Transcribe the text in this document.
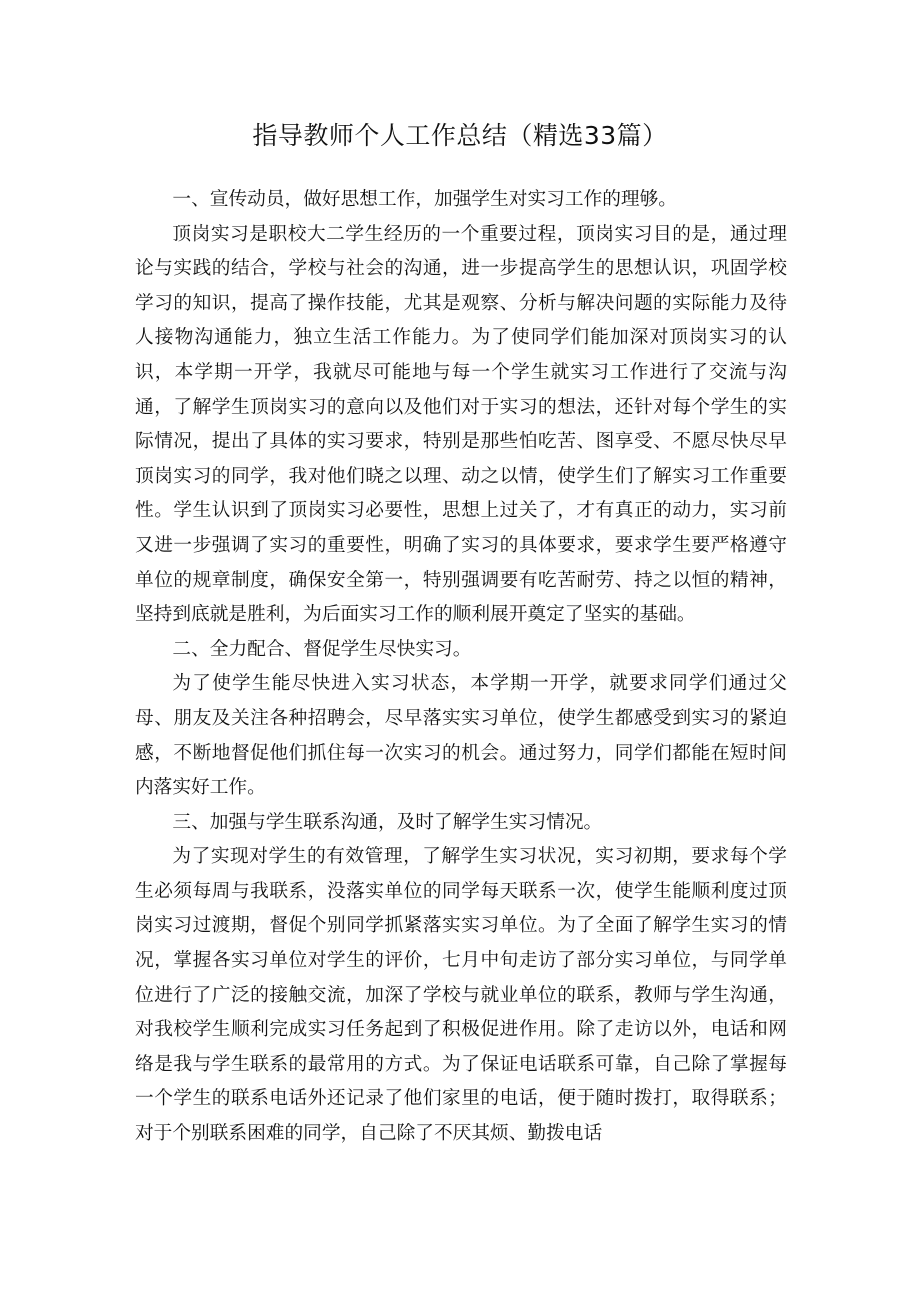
指导教师个人工作总结（精选33篇）

一、宣传动员，做好思想工作，加强学生对实习工作的理够。

顶岗实习是职校大二学生经历的一个重要过程，顶岗实习目的是，通过理论与实践的结合，学校与社会的沟通，进一步提高学生的思想认识，巩固学校学习的知识，提高了操作技能，尤其是观察、分析与解决问题的实际能力及待人接物沟通能力，独立生活工作能力。为了使同学们能加深对顶岗实习的认识，本学期一开学，我就尽可能地与每一个学生就实习工作进行了交流与沟通，了解学生顶岗实习的意向以及他们对于实习的想法，还针对每个学生的实际情况，提出了具体的实习要求，特别是那些怕吃苦、图享受、不愿尽快尽早顶岗实习的同学，我对他们晓之以理、动之以情，使学生们了解实习工作重要性。学生认识到了顶岗实习必要性，思想上过关了，才有真正的动力，实习前又进一步强调了实习的重要性，明确了实习的具体要求，要求学生要严格遵守单位的规章制度，确保安全第一，特别强调要有吃苦耐劳、持之以恒的精神，坚持到底就是胜利，为后面实习工作的顺利展开奠定了坚实的基础。

二、全力配合、督促学生尽快实习。

为了使学生能尽快进入实习状态，本学期一开学，就要求同学们通过父母、朋友及关注各种招聘会，尽早落实实习单位，使学生都感受到实习的紧迫感，不断地督促他们抓住每一次实习的机会。通过努力，同学们都能在短时间内落实好工作。

三、加强与学生联系沟通，及时了解学生实习情况。

为了实现对学生的有效管理，了解学生实习状况，实习初期，要求每个学生必须每周与我联系，没落实单位的同学每天联系一次，使学生能顺利度过顶岗实习过渡期，督促个别同学抓紧落实实习单位。为了全面了解学生实习的情况，掌握各实习单位对学生的评价，七月中旬走访了部分实习单位，与同学单位进行了广泛的接触交流，加深了学校与就业单位的联系，教师与学生沟通，对我校学生顺利完成实习任务起到了积极促进作用。除了走访以外，电话和网络是我与学生联系的最常用的方式。为了保证电话联系可靠，自己除了掌握每一个学生的联系电话外还记录了他们家里的电话，便于随时拨打，取得联系；对于个别联系困难的同学，自己除了不厌其烦、勤拨电话
